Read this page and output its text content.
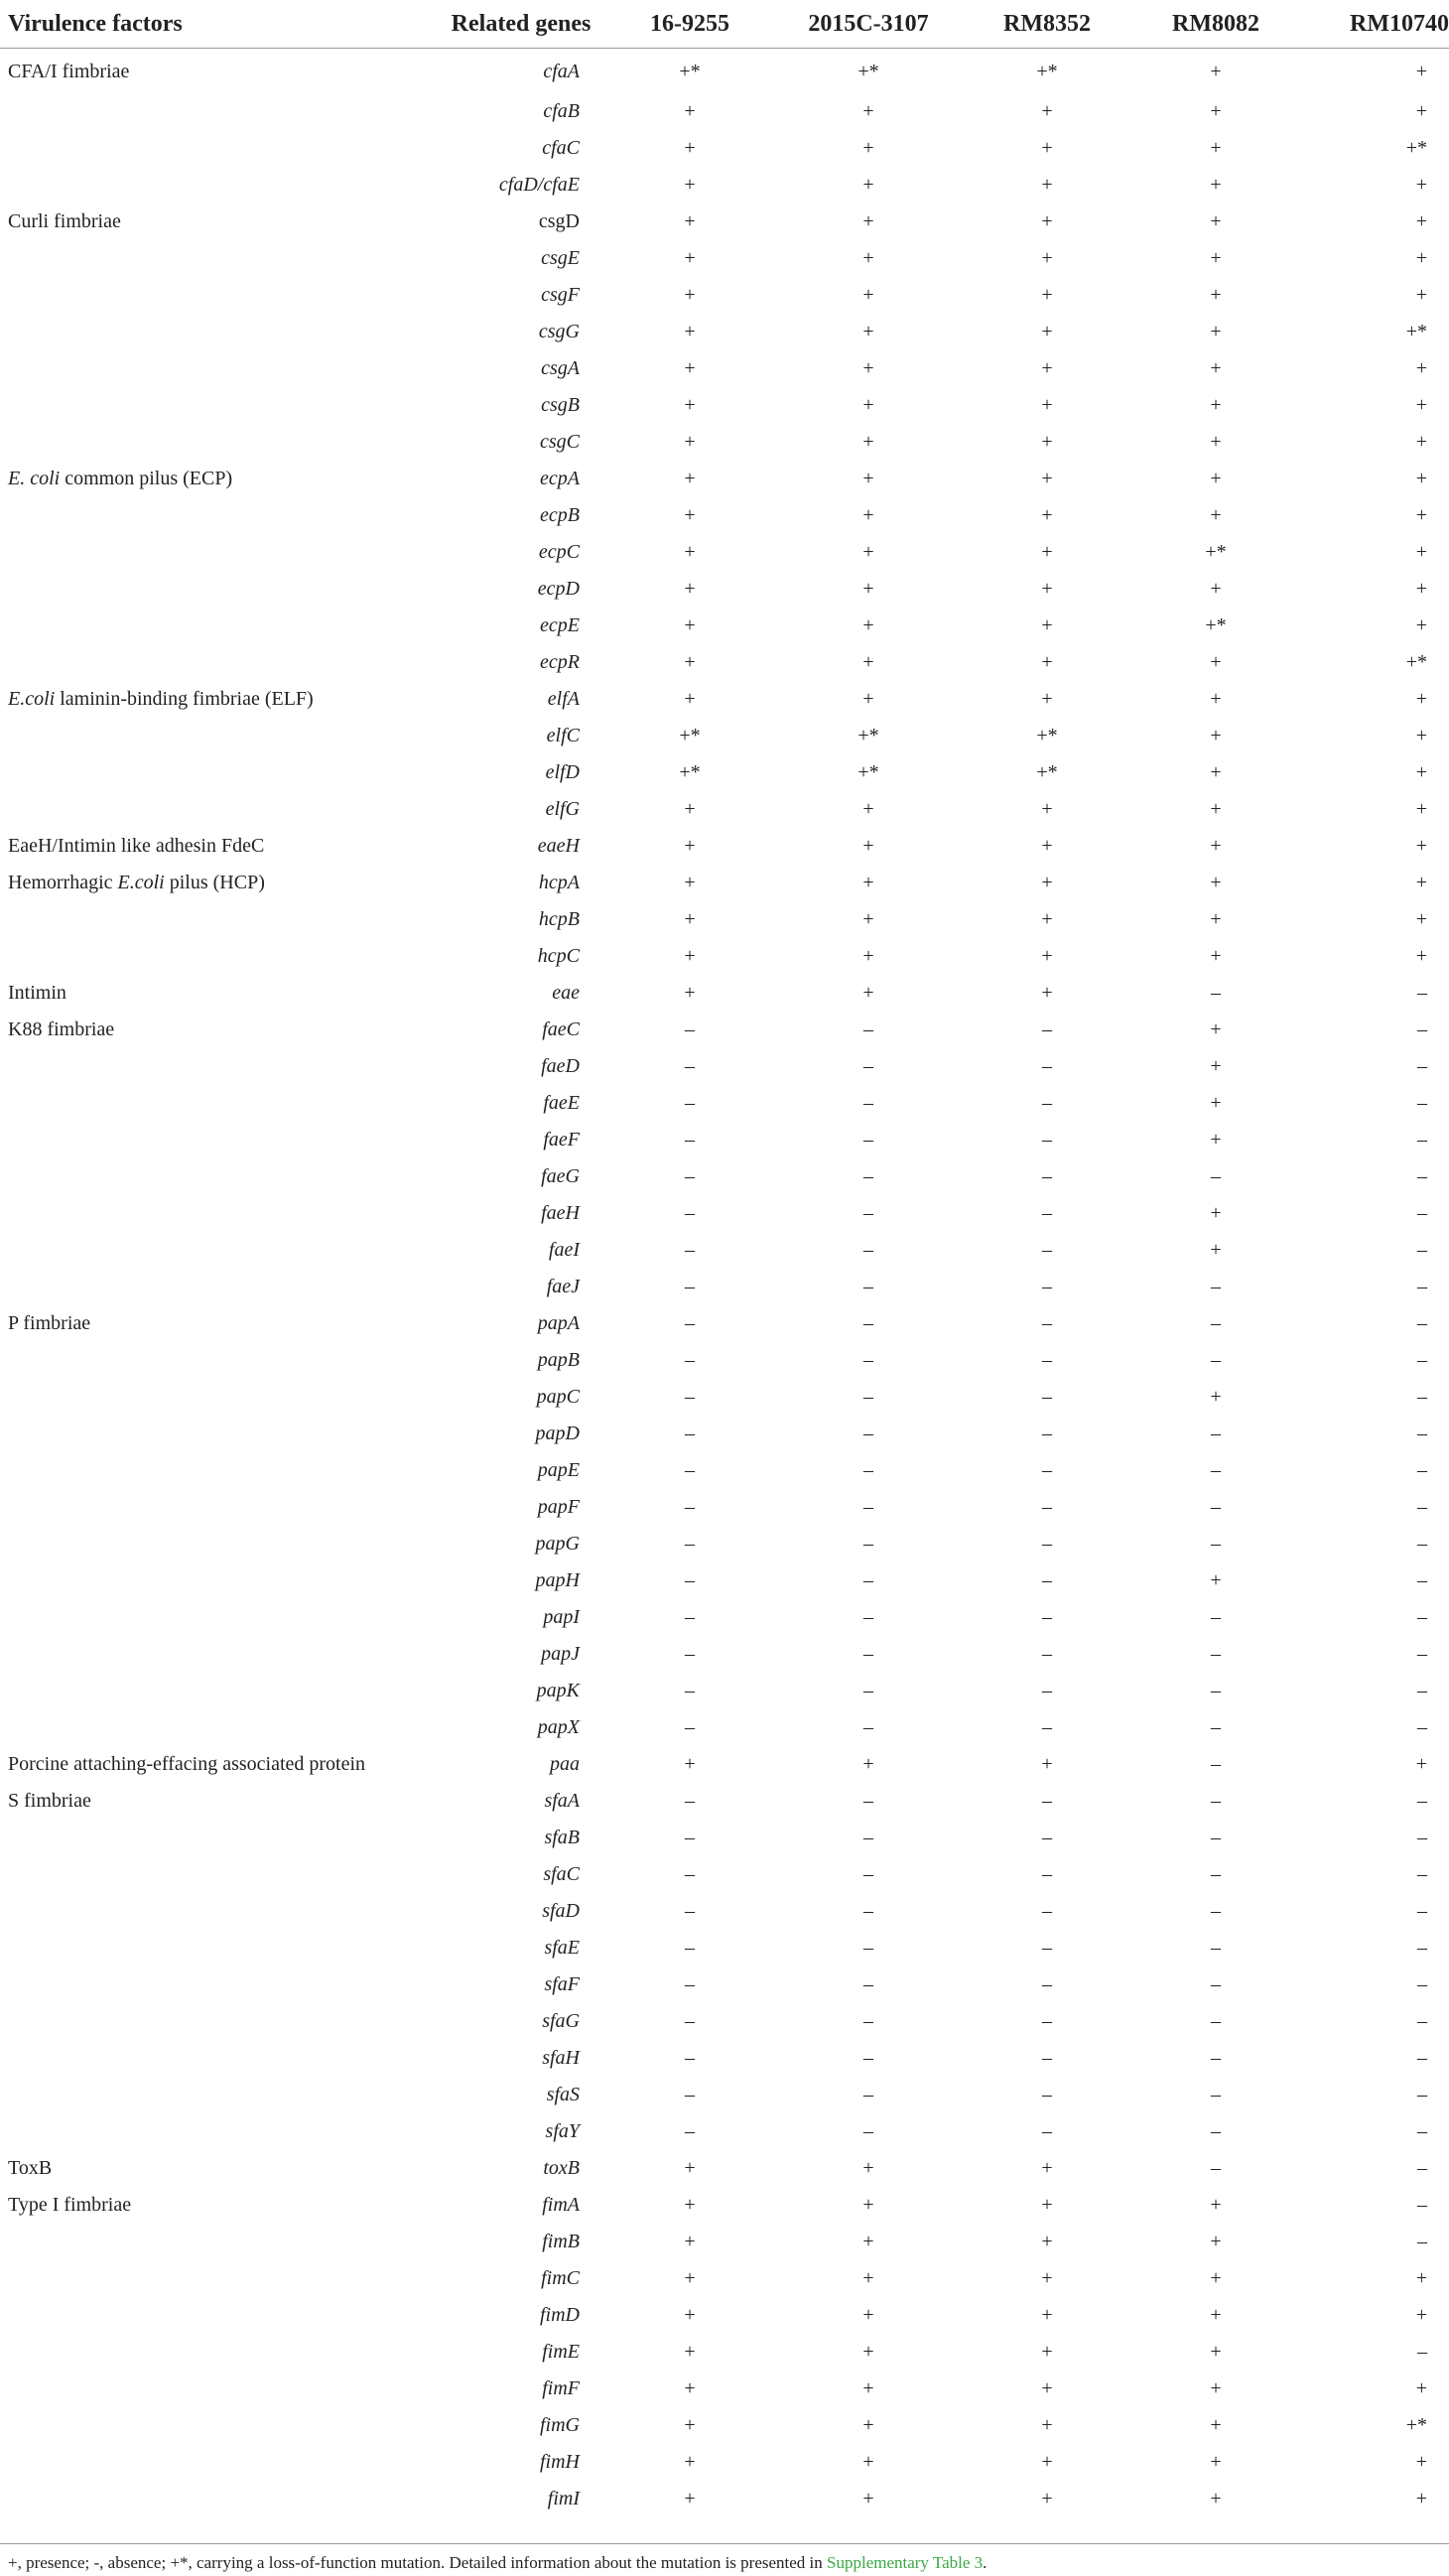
Virulence factors	Related genes	16-9255	2015C-3107	RM8352	RM8082	RM10740
CFA/I fimbriae	cfaA	+*	+*	+*	+	+
	cfaB	+	+	+	+	+
	cfaC	+	+	+	+	+*
	cfaD/cfaE	+	+	+	+	+
Curli fimbriae	csgD	+	+	+	+	+
	csgE	+	+	+	+	+
	csgF	+	+	+	+	+
	csgG	+	+	+	+	+*
	csgA	+	+	+	+	+
	csgB	+	+	+	+	+
	csgC	+	+	+	+	+
E. coli common pilus (ECP)	ecpA	+	+	+	+	+
	ecpB	+	+	+	+	+
	ecpC	+	+	+	+*	+
	ecpD	+	+	+	+	+
	ecpE	+	+	+	+*	+
	ecpR	+	+	+	+	+*
E.coli laminin-binding fimbriae (ELF)	elfA	+	+	+	+	+
	elfC	+*	+*	+*	+	+
	elfD	+*	+*	+*	+	+
	elfG	+	+	+	+	+
EaeH/Intimin like adhesin FdeC	eaeH	+	+	+	+	+
Hemorrhagic E.coli pilus (HCP)	hcpA	+	+	+	+	+
	hcpB	+	+	+	+	+
	hcpC	+	+	+	+	+
Intimin	eae	+	+	+	–	–
K88 fimbriae	faeC	–	–	–	+	–
	faeD	–	–	–	+	–
	faeE	–	–	–	+	–
	faeF	–	–	–	+	–
	faeG	–	–	–	–	–
	faeH	–	–	–	+	–
	faeI	–	–	–	+	–
	faeJ	–	–	–	–	–
P fimbriae	papA	–	–	–	–	–
	papB	–	–	–	–	–
	papC	–	–	–	+	–
	papD	–	–	–	–	–
	papE	–	–	–	–	–
	papF	–	–	–	–	–
	papG	–	–	–	–	–
	papH	–	–	–	+	–
	papI	–	–	–	–	–
	papJ	–	–	–	–	–
	papK	–	–	–	–	–
	papX	–	–	–	–	–
Porcine attaching-effacing associated protein	paa	+	+	+	–	+
S fimbriae	sfaA	–	–	–	–	–
	sfaB	–	–	–	–	–
	sfaC	–	–	–	–	–
	sfaD	–	–	–	–	–
	sfaE	–	–	–	–	–
	sfaF	–	–	–	–	–
	sfaG	–	–	–	–	–
	sfaH	–	–	–	–	–
	sfaS	–	–	–	–	–
	sfaY	–	–	–	–	–
ToxB	toxB	+	+	+	–	–
Type I fimbriae	fimA	+	+	+	+	–
	fimB	+	+	+	+	–
	fimC	+	+	+	+	+
	fimD	+	+	+	+	+
	fimE	+	+	+	+	–
	fimF	+	+	+	+	+
	fimG	+	+	+	+	+*
	fimH	+	+	+	+	+
	fimI	+	+	+	+	+
+, presence; -, absence; +*, carrying a loss-of-function mutation. Detailed information about the mutation is presented in Supplementary Table 3.
